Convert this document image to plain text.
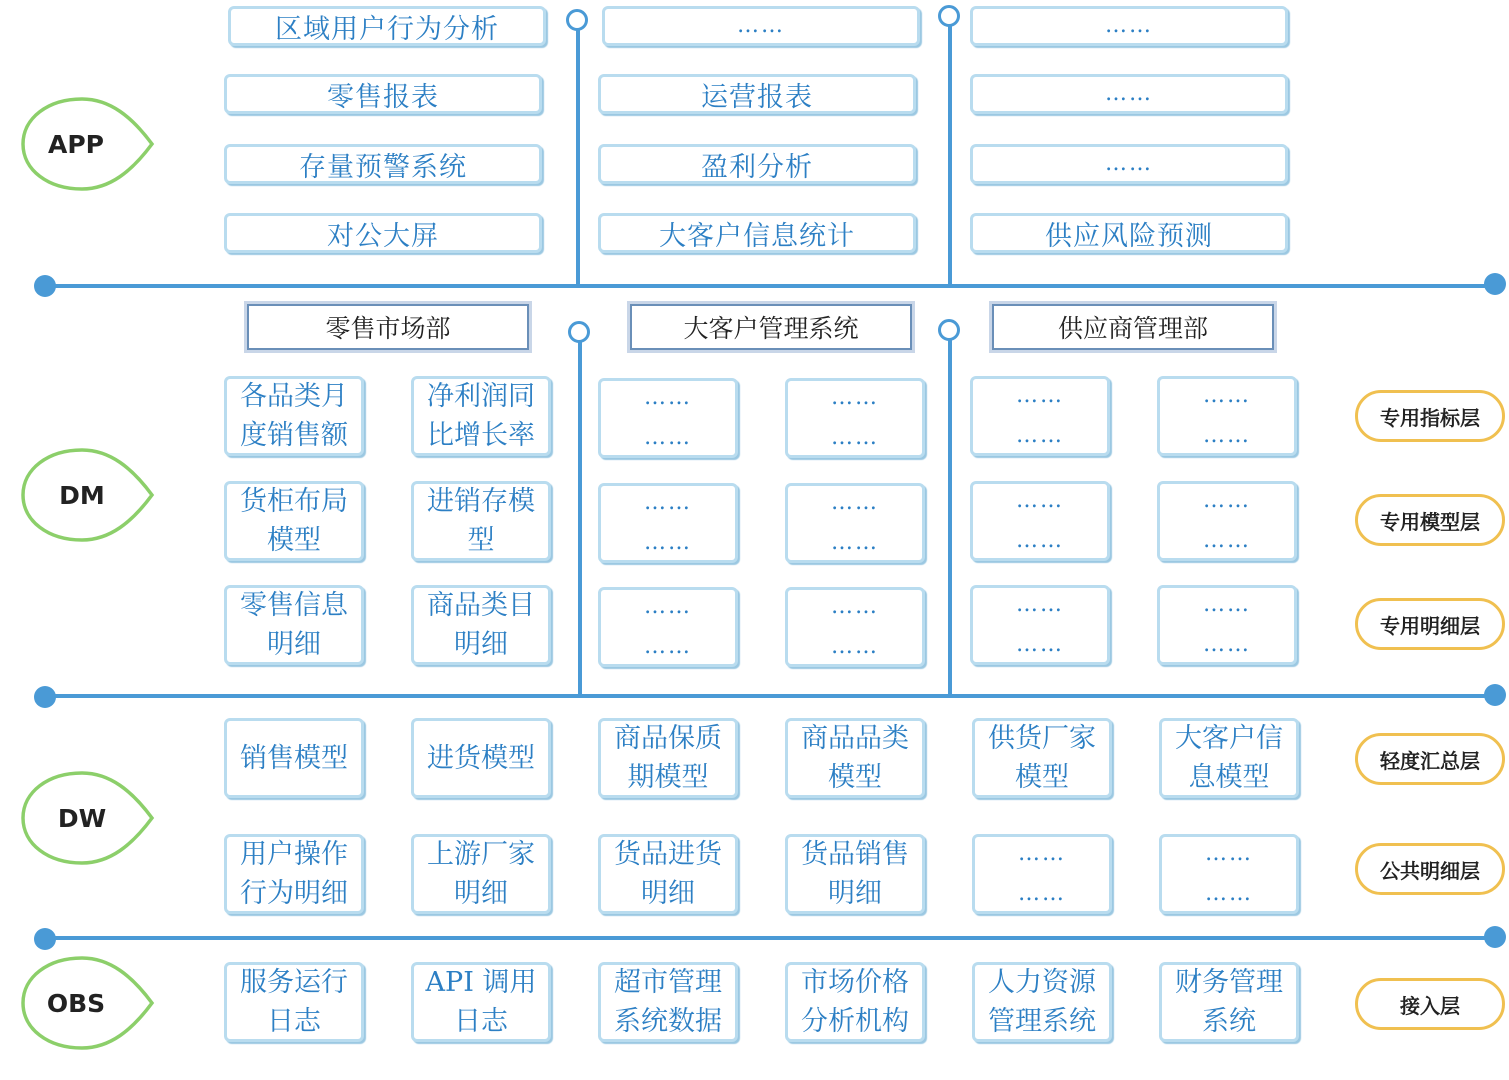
APP
DM
DW
OBS
区域用户行为分析
零售报表
存量预警系统
对公大屏
……
运营报表
盈利分析
大客户信息统计
……
……
……
供应风险预测
零售市场部	大客户管理系统	供应商管理部
各品类月度销售额
净利润同比增长率
货柜布局模型
进销存模型
零售信息明细
商品类目明细
……
……
……
……
……
……
……
……
……
……
……
……
……
……
……
……
……
……
……
……
……
……
……
……
销售模型	进货模型
商品保质期模型
商品品类模型
供货厂家模型
大客户信息模型
用户操作行为明细
上游厂家明细
货品进货明细
货品销售明细
……
……
……
……
服务运行日志
API 调用日志
超市管理系统数据
市场价格分析机构
人力资源管理系统
财务管理系统
专用指标层
专用模型层
专用明细层
轻度汇总层
公共明细层
接入层
